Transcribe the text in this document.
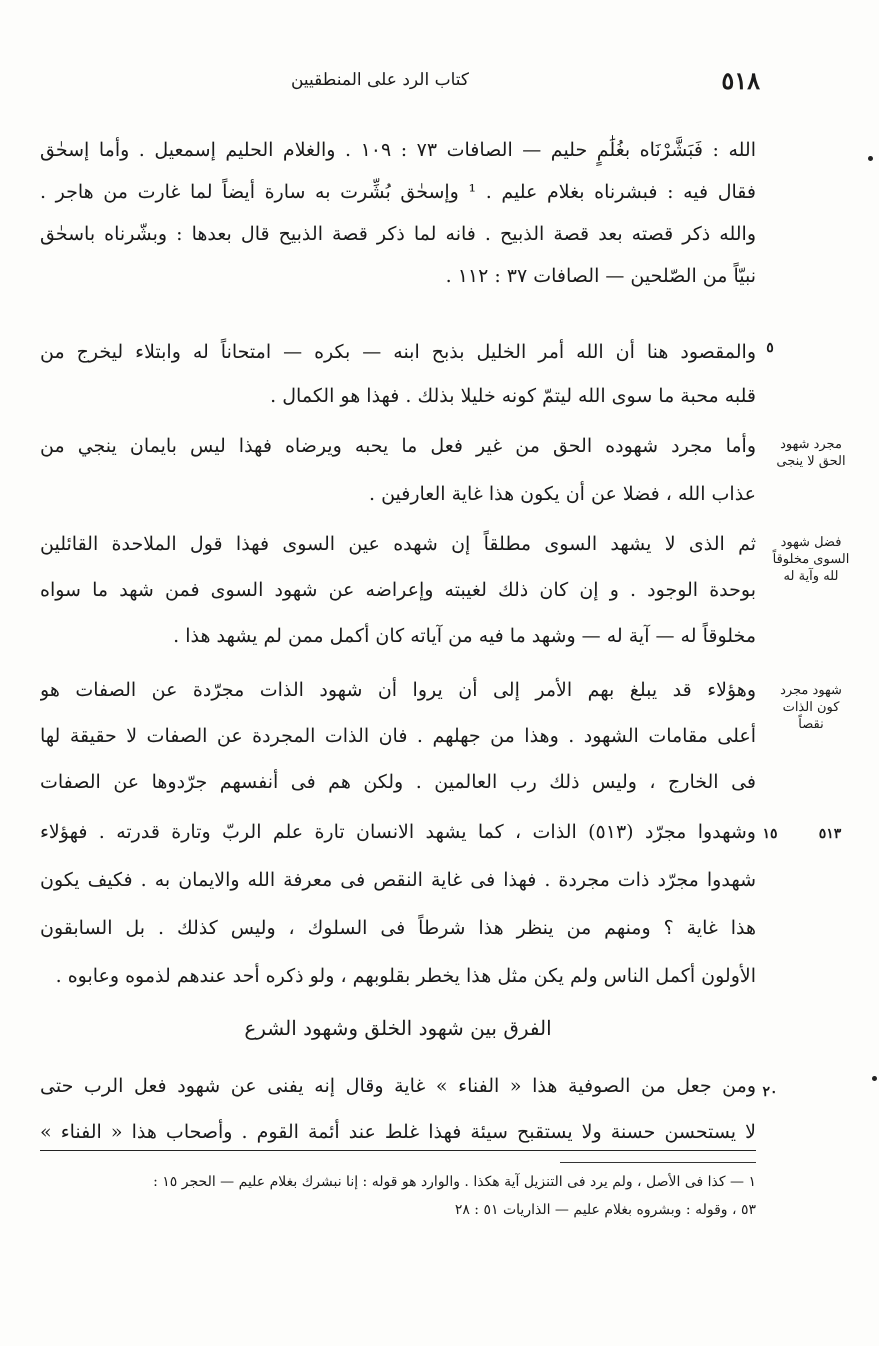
٥١٨
كتاب الرد على المنطقيين
الله : فَبَشَّرْنَاه بغُلَٰمٍ حليم — الصافات ٧٣ : ١٠٩ . والغلام الحليم إسمعيل . وأما إسحٰق
فقال فيه : فبشرناه بغلام عليم . ¹ وإسحٰق بُشِّرت به سارة أيضاً لما غارت من هاجر .
والله ذكر قصته بعد قصة الذبيح . فانه لما ذكر قصة الذبيح قال بعدها : وبشّرناه باسحٰق
نبيّاً من الصّلحين — الصافات ٣٧ : ١١٢ .
والمقصود هنا أن الله أمر الخليل بذبح ابنه — بكره — امتحاناً له وابتلاء ليخرج من
قلبه محبة ما سوى الله ليتمّ كونه خليلا بذلك . فهذا هو الكمال .
وأما مجرد شهوده الحق من غير فعل ما يحبه ويرضاه فهذا ليس بايمان ينجي من
عذاب الله ، فضلا عن أن يكون هذا غاية العارفين .
ثم الذى لا يشهد السوى مطلقاً إن شهده عين السوى فهذا قول الملاحدة القائلين
بوحدة الوجود . و إن كان ذلك لغيبته وإعراضه عن شهود السوى فمن شهد ما سواه
مخلوقاً له — آية له — وشهد ما فيه من آياته كان أكمل ممن لم يشهد هذا .
وهؤلاء قد يبلغ بهم الأمر إلى أن يروا أن شهود الذات مجرّدة عن الصفات هو
أعلى مقامات الشهود . وهذا من جهلهم . فان الذات المجردة عن الصفات لا حقيقة لها
فى الخارج ، وليس ذلك رب العالمين . ولكن هم فى أنفسهم جرّدوها عن الصفات
وشهدوا مجرّد (٥١٣) الذات ، كما يشهد الانسان تارة علم الربّ وتارة قدرته . فهؤلاء
شهدوا مجرّد ذات مجردة . فهذا فى غاية النقص فى معرفة الله والايمان به . فكيف يكون
هذا غاية ؟ ومنهم من ينظر هذا شرطاً فى السلوك ، وليس كذلك . بل السابقون
الأولون أكمل الناس ولم يكن مثل هذا يخطر بقلوبهم ، ولو ذكره أحد عندهم لذموه وعابوه .
الفرق بين شهود الخلق وشهود الشرع
ومن جعل من الصوفية هذا « الفناء » غاية وقال إنه يفنى عن شهود فعل الرب حتى
لا يستحسن حسنة ولا يستقبح سيئة فهذا غلط عند أئمة القوم . وأصحاب هذا « الفناء »
مجرد شهود الحق لا ينجى
فضل شهود السوى مخلوقاً لله وآية له
شهود مجرد كون الذات نقصاً
٥
١٥
٢٠
٥١٣
١ — كذا فى الأصل ، ولم يرد فى التنزيل آية هكذا . والوارد هو قوله : إنا نبشرك بغلام عليم — الحجر ١٥ :
٥٣ ، وقوله : وبشروه بغلام عليم — الذاريات ٥١ : ٢٨
